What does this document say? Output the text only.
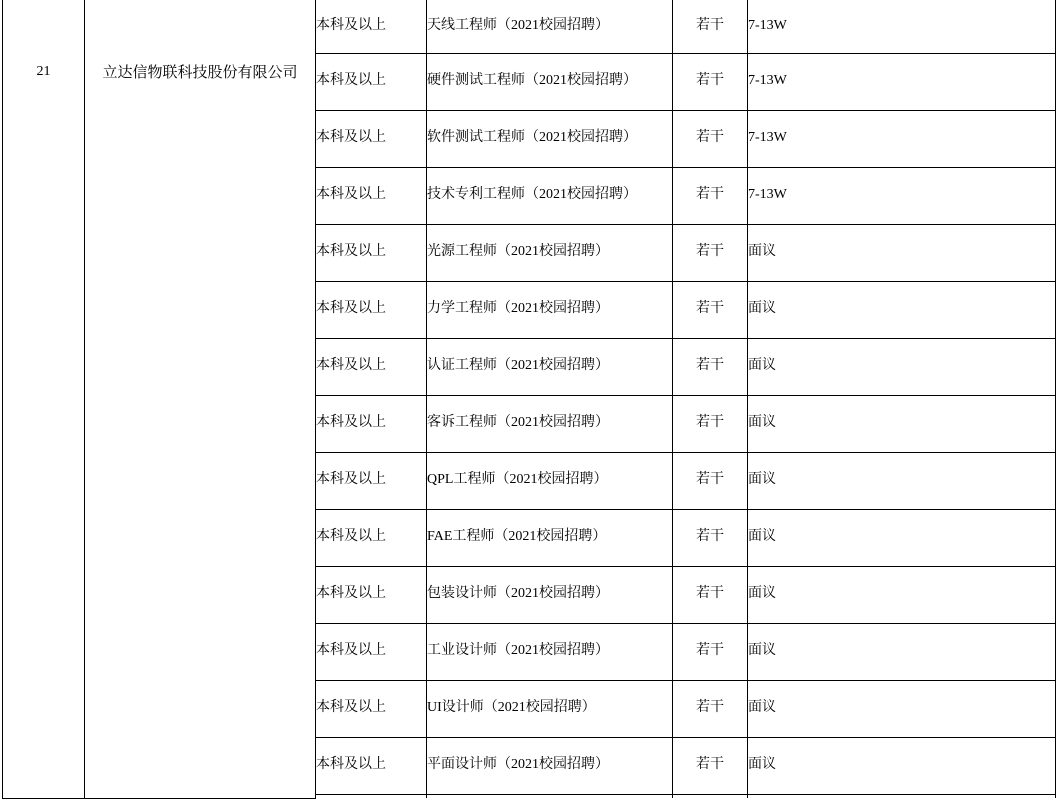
21	立达信物联科技股份有限公司	本科及以上	天线工程师（2021校园招聘）	若干	7-13W
		本科及以上	硬件测试工程师（2021校园招聘）	若干	7-13W
		本科及以上	软件测试工程师（2021校园招聘）	若干	7-13W
		本科及以上	技术专利工程师（2021校园招聘）	若干	7-13W
		本科及以上	光源工程师（2021校园招聘）	若干	面议
		本科及以上	力学工程师（2021校园招聘）	若干	面议
		本科及以上	认证工程师（2021校园招聘）	若干	面议
		本科及以上	客诉工程师（2021校园招聘）	若干	面议
		本科及以上	QPL工程师（2021校园招聘）	若干	面议
		本科及以上	FAE工程师（2021校园招聘）	若干	面议
		本科及以上	包装设计师（2021校园招聘）	若干	面议
		本科及以上	工业设计师（2021校园招聘）	若干	面议
		本科及以上	UI设计师（2021校园招聘）	若干	面议
		本科及以上	平面设计师（2021校园招聘）	若干	面议
